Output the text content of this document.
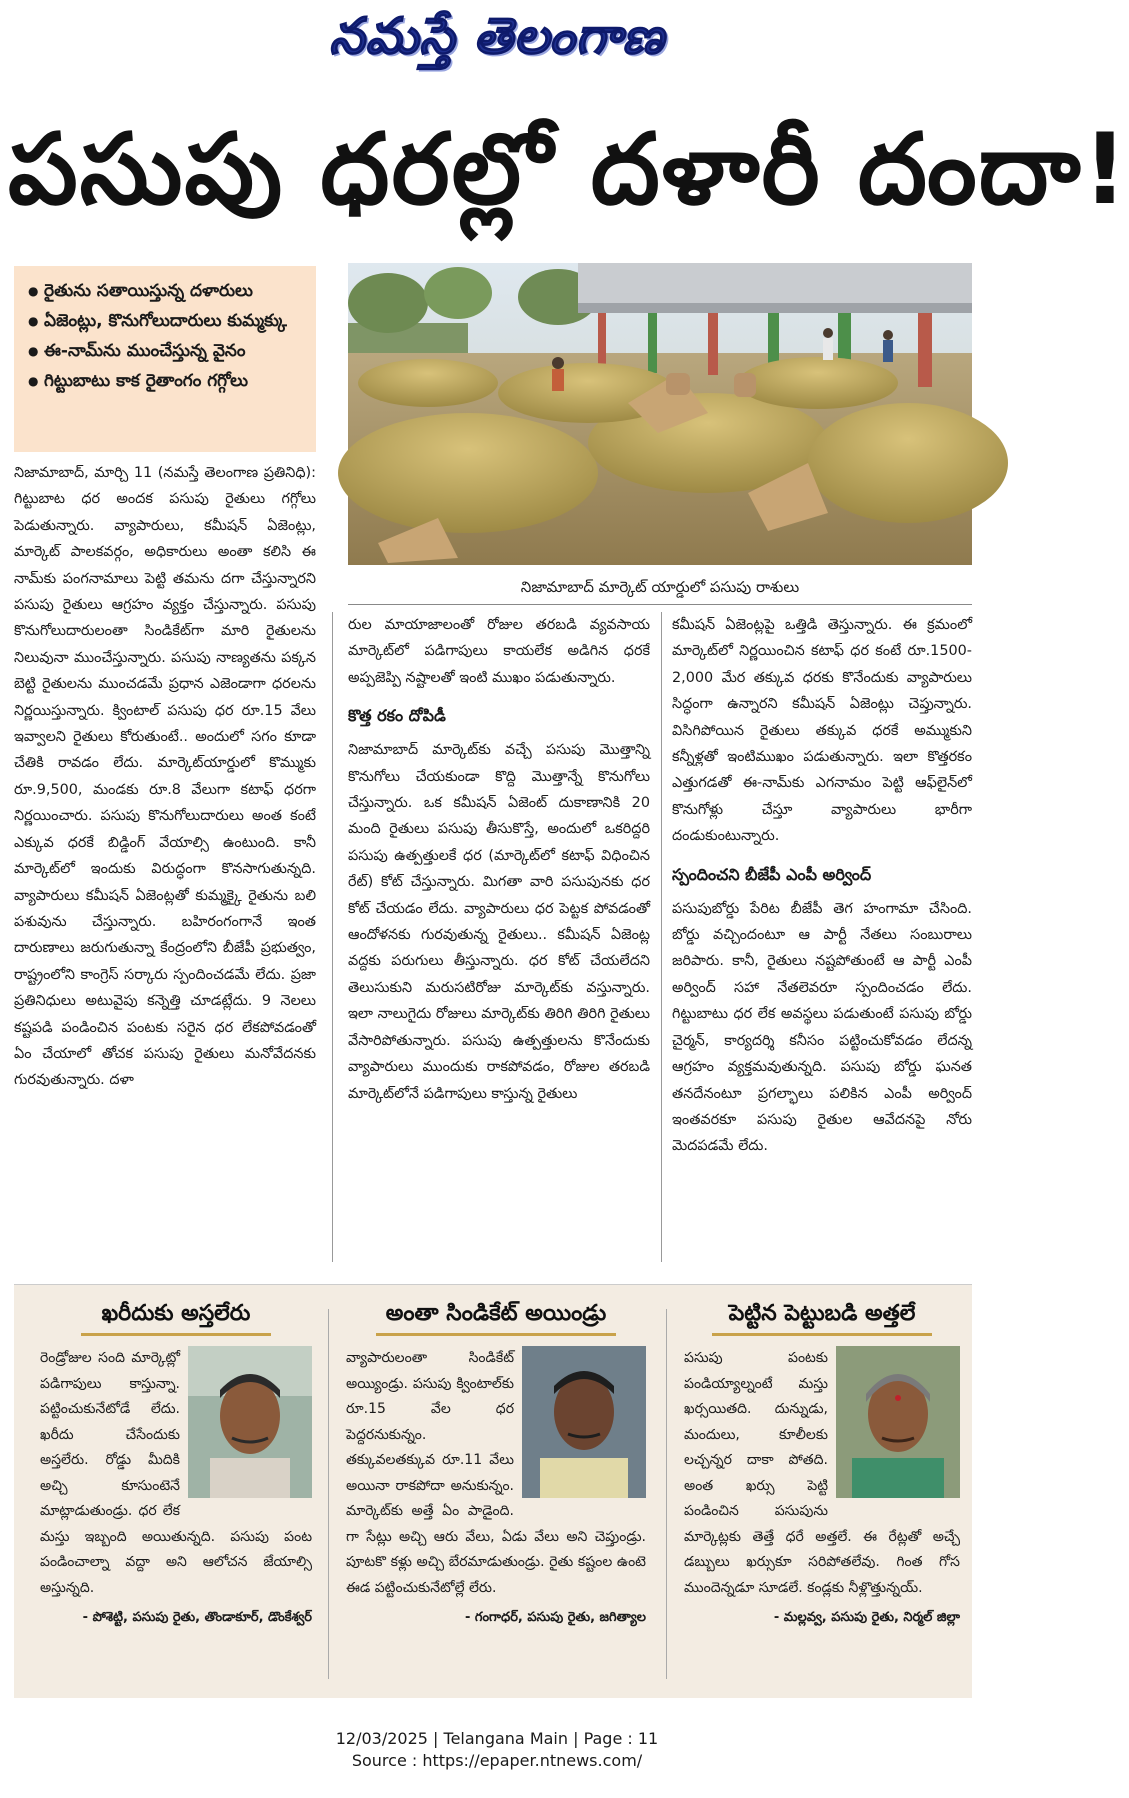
నమస్తే తెలంగాణ
పసుపు ధరల్లో దళారీ దందా!
● రైతును సతాయిస్తున్న దళారులు
● ఏజెంట్లు, కొనుగోలుదారులు కుమ్మక్కు
● ఈ-నామ్‌ను ముంచేస్తున్న వైనం
● గిట్టుబాటు కాక రైతాంగం గగ్గోలు
నిజామాబాద్ మార్కెట్ యార్డులో పసుపు రాశులు

నిజామాబాద్, మార్చి 11 (నమస్తే తెలంగాణ ప్రతినిధి): గిట్టుబాట ధర అందక పసుపు రైతులు గగ్గోలు పెడుతున్నారు. వ్యాపారులు, కమీషన్ ఏజెంట్లు, మార్కెట్ పాలకవర్గం, అధికారులు అంతా కలిసి ఈ నామ్‌కు పంగనామాలు పెట్టి తమను దగా చేస్తున్నారని పసుపు రైతులు ఆగ్రహం వ్యక్తం చేస్తున్నారు. పసుపు కొనుగోలుదారులంతా సిండికేట్‌గా మారి రైతులను నిలువునా ముంచేస్తున్నారు. పసుపు నాణ్యతను పక్కన బెట్టి రైతులను ముంచడమే ప్రధాన ఎజెండాగా ధరలను నిర్ణయిస్తున్నారు. క్వింటాల్ పసుపు ధర రూ.15 వేలు ఇవ్వాలని రైతులు కోరుతుంటే.. అందులో సగం కూడా చేతికి రావడం లేదు. మార్కెట్‌యార్డులో కొమ్ముకు రూ.9,500, మండకు రూ.8 వేలుగా కటాఫ్ ధరగా నిర్ణయించారు. పసుపు కొనుగోలుదారులు అంత కంటే ఎక్కువ ధరకే బిడ్డింగ్ వేయాల్సి ఉంటుంది. కానీ మార్కెట్‌లో ఇందుకు విరుద్ధంగా కొనసాగుతున్నది. వ్యాపారులు కమీషన్ ఏజెంట్లతో కుమ్మక్కై రైతును బలి పశువును చేస్తున్నారు. బహిరంగంగానే ఇంత దారుణాలు జరుగుతున్నా కేంద్రంలోని బీజేపీ ప్రభుత్వం, రాష్ట్రంలోని కాంగ్రెస్ సర్కారు స్పందించడమే లేదు. ప్రజా ప్రతినిధులు అటువైపు కన్నెత్తి చూడట్లేదు. 9 నెలలు కష్టపడి పండించిన పంటకు సరైన ధర లేకపోవడంతో ఏం చేయాలో తోచక పసుపు రైతులు మనోవేదనకు గురవుతున్నారు. దళా

రుల మాయాజాలంతో రోజుల తరబడి వ్యవసాయ మార్కెట్‌లో పడిగాపులు కాయలేక అడిగిన ధరకే అప్పజెప్పి నష్టాలతో ఇంటి ముఖం పడుతున్నారు.

కొత్త రకం దోపిడీ

నిజామాబాద్ మార్కెట్‌కు వచ్చే పసుపు మొత్తాన్ని కొనుగోలు చేయకుండా కొద్ది మొత్తాన్నే కొనుగోలు చేస్తున్నారు. ఒక కమీషన్ ఏజెంట్ దుకాణానికి 20 మంది రైతులు పసుపు తీసుకొస్తే, అందులో ఒకరిద్దరి పసుపు ఉత్పత్తులకే ధర (మార్కెట్‌లో కటాఫ్ విధించిన రేట్) కోట్ చేస్తున్నారు. మిగతా వారి పసుపునకు ధర కోట్ చేయడం లేదు. వ్యాపారులు ధర పెట్టక పోవడంతో ఆందోళనకు గురవుతున్న రైతులు.. కమీషన్ ఏజెంట్ల వద్దకు పరుగులు తీస్తున్నారు. ధర కోట్ చేయలేదని తెలుసుకుని మరుసటిరోజు మార్కెట్‌కు వస్తున్నారు. ఇలా నాలుగైదు రోజులు మార్కెట్‌కు తిరిగి తిరిగి రైతులు వేసారిపోతున్నారు. పసుపు ఉత్పత్తులను కొనేందుకు వ్యాపారులు ముందుకు రాకపోవడం, రోజుల తరబడి మార్కెట్‌లోనే పడిగాపులు కాస్తున్న రైతులు

కమీషన్ ఏజెంట్లపై ఒత్తిడి తెస్తున్నారు. ఈ క్రమంలో మార్కెట్‌లో నిర్ణయించిన కటాఫ్ ధర కంటే రూ.1500-2,000 మేర తక్కువ ధరకు కొనేందుకు వ్యాపారులు సిద్ధంగా ఉన్నారని కమీషన్ ఏజెంట్లు చెప్తున్నారు. విసిగిపోయిన రైతులు తక్కువ ధరకే అమ్ముకుని కన్నీళ్లతో ఇంటిముఖం పడుతున్నారు. ఇలా కొత్తరకం ఎత్తుగడతో ఈ-నామ్‌కు ఎగనామం పెట్టి ఆఫ్‌లైన్‌లో కొనుగోళ్లు చేస్తూ వ్యాపారులు భారీగా దండుకుంటున్నారు.

స్పందించని బీజేపీ ఎంపీ అర్వింద్

పసుపుబోర్డు పేరిట బీజేపీ తెగ హంగామా చేసింది. బోర్డు వచ్చిందంటూ ఆ పార్టీ నేతలు సంబురాలు జరిపారు. కానీ, రైతులు నష్టపోతుంటే ఆ పార్టీ ఎంపీ అర్వింద్ సహా నేతలెవరూ స్పందించడం లేదు. గిట్టుబాటు ధర లేక అవస్థలు పడుతుంటే పసుపు బోర్డు చైర్మన్, కార్యదర్శి కనీసం పట్టించుకోవడం లేదన్న ఆగ్రహం వ్యక్తమవుతున్నది. పసుపు బోర్డు ఘనత తనదేనంటూ ప్రగల్భాలు పలికిన ఎంపీ అర్వింద్ ఇంతవరకూ పసుపు రైతుల ఆవేదనపై నోరు మెదపడమే లేదు.

ఖరీదుకు అస్తలేరు
రెండ్రోజుల సంది మార్కెట్లో పడిగాపులు కాస్తున్నా. పట్టించుకునేటోడే లేదు. ఖరీదు చేసేందుకు అస్తలేరు. రోడ్డు మీదికి అచ్చి కూసుంటెనే మాట్లాడుతుండ్రు. ధర లేక మస్తు ఇబ్బంది అయితున్నది. పసుపు పంట పండించాల్నా వద్దా అని ఆలోచన జేయాల్సి అస్తున్నది.
- పోశెట్టి, పసుపు రైతు, తొండాకూర్, డొంకేశ్వర్
అంతా సిండికేట్ అయిండ్రు
వ్యాపారులంతా సిండికేట్ అయ్యిండ్రు. పసుపు క్వింటాల్‌కు రూ.15 వేల ధర పెద్దరనుకున్నం. తక్కువలతక్కువ రూ.11 వేలు అయినా రాకపోదా అనుకున్నం. మార్కెట్‌కు అత్తే ఏం పాడైంది. గా సేట్లు అచ్చి ఆరు వేలు, ఏడు వేలు అని చెప్తుండ్రు. పూటకొ కళ్లు అచ్చి బేరమాడుతుండ్రు. రైతు కష్టంల ఉంటె ఈడ పట్టించుకునేటోల్లే లేరు.
- గంగాధర్, పసుపు రైతు, జగిత్యాల
పెట్టిన పెట్టుబడి అత్తలే
పసుపు పంటకు పండియ్యాల్నంటే మస్తు ఖర్సయితది. దున్నుడు, మందులు, కూలీలకు లచ్చన్నర దాకా పోతది. అంత ఖర్సు పెట్టి పండించిన పసుపును మార్కెట్లకు తెత్తే ధరే అత్తలే. ఈ రేట్లతో అచ్చే డబ్బులు ఖర్సుకూ సరిపోతలేవు. గింత గోస ముందెన్నడూ సూడలే. కండ్లకు నీళ్లొత్తున్నయ్.
- మల్లవ్వ, పసుపు రైతు, నిర్మల్ జిల్లా
12/03/2025 | Telangana Main | Page : 11
Source : https://epaper.ntnews.com/
